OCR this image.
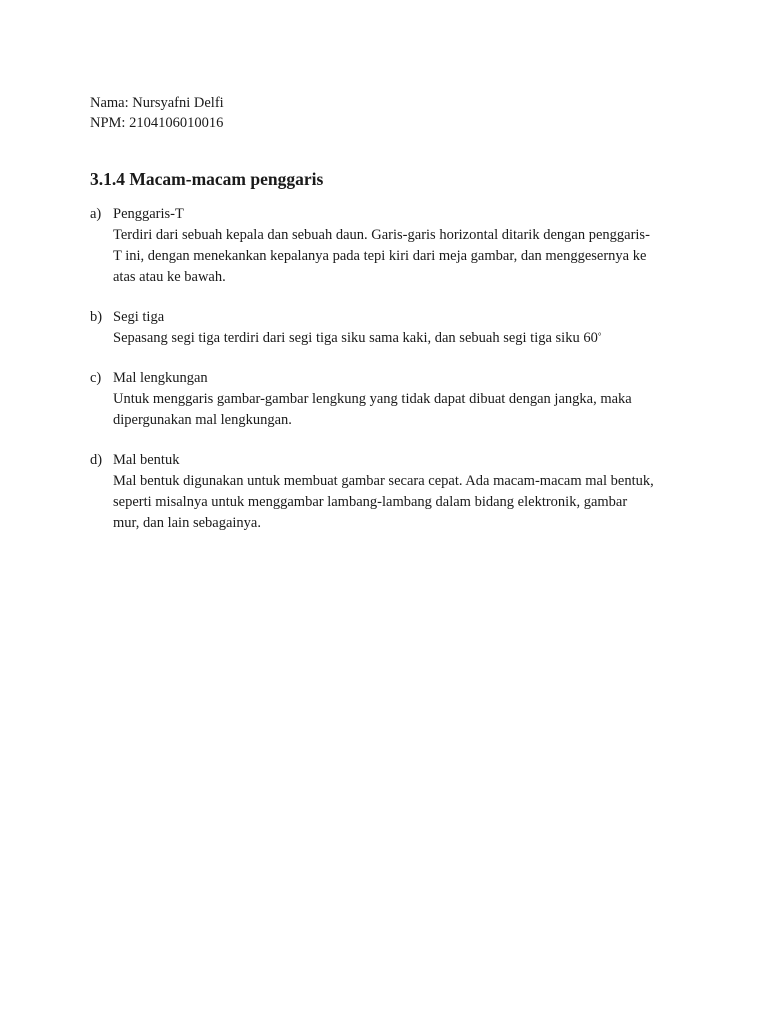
Nama: Nursyafni Delfi
NPM: 2104106010016
3.1.4 Macam-macam penggaris
a) Penggaris-T
Terdiri dari sebuah kepala dan sebuah daun. Garis-garis horizontal ditarik dengan penggaris-
T ini, dengan menekankan kepalanya pada tepi kiri dari meja gambar, dan menggesernya ke
atas atau ke bawah.
b) Segi tiga
Sepasang segi tiga terdiri dari segi tiga siku sama kaki, dan sebuah segi tiga siku 60°
c) Mal lengkungan
Untuk menggaris gambar-gambar lengkung yang tidak dapat dibuat dengan jangka, maka
dipergunakan mal lengkungan.
d) Mal bentuk
Mal bentuk digunakan untuk membuat gambar secara cepat. Ada macam-macam mal bentuk,
seperti misalnya untuk menggambar lambang-lambang dalam bidang elektronik, gambar
mur, dan lain sebagainya.
